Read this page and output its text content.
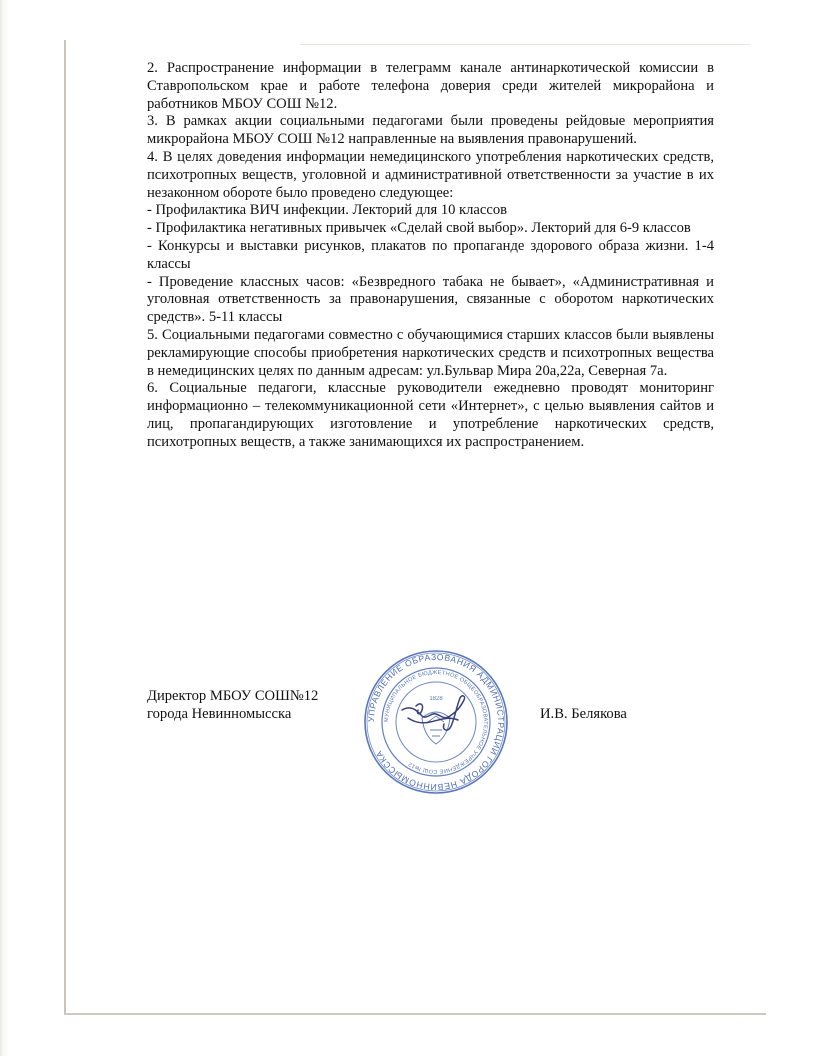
2. Распространение информации в телеграмм канале антинаркотической комиссии в Ставропольском крае и работе телефона доверия среди жителей микрорайона и работников МБОУ СОШ №12.

3. В рамках акции социальными педагогами были проведены рейдовые мероприятия микрорайона МБОУ СОШ №12 направленные на выявления правонарушений.

4. В целях доведения информации немедицинского употребления наркотических средств, психотропных веществ, уголовной и административной ответственности за участие в их незаконном обороте было проведено следующее:

- Профилактика ВИЧ инфекции. Лекторий для 10 классов

- Профилактика негативных привычек «Сделай свой выбор». Лекторий для 6-9 классов

- Конкурсы и выставки рисунков, плакатов по пропаганде здорового образа жизни. 1-4 классы

- Проведение классных часов: «Безвредного табака не бывает», «Административная и уголовная ответственность за правонарушения, связанные с оборотом наркотических средств». 5-11 классы

5. Социальными педагогами совместно с обучающимися старших классов были выявлены рекламирующие способы приобретения наркотических средств и психотропных вещества в немедицинских целях по данным адресам: ул.Бульвар Мира 20а,22а, Северная 7а.

6. Социальные педагоги, классные руководители ежедневно проводят мониторинг информационно – телекоммуникационной сети «Интернет», с целью выявления сайтов и лиц, пропагандирующих изготовление и употребление наркотических средств, психотропных веществ, а также занимающихся их распространением.

Директор МБОУ СОШ№12
города Невинномысска	УПРАВЛЕНИЕ ОБРАЗОВАНИЯ АДМИНИСТРАЦИИ ГОРОДА НЕВИННОМЫССКА
МУНИЦИПАЛЬНОЕ БЮДЖЕТНОЕ ОБЩЕОБРАЗОВАТЕЛЬНОЕ УЧРЕЖДЕНИЕ СОШ №12
1828
И.В. Белякова
